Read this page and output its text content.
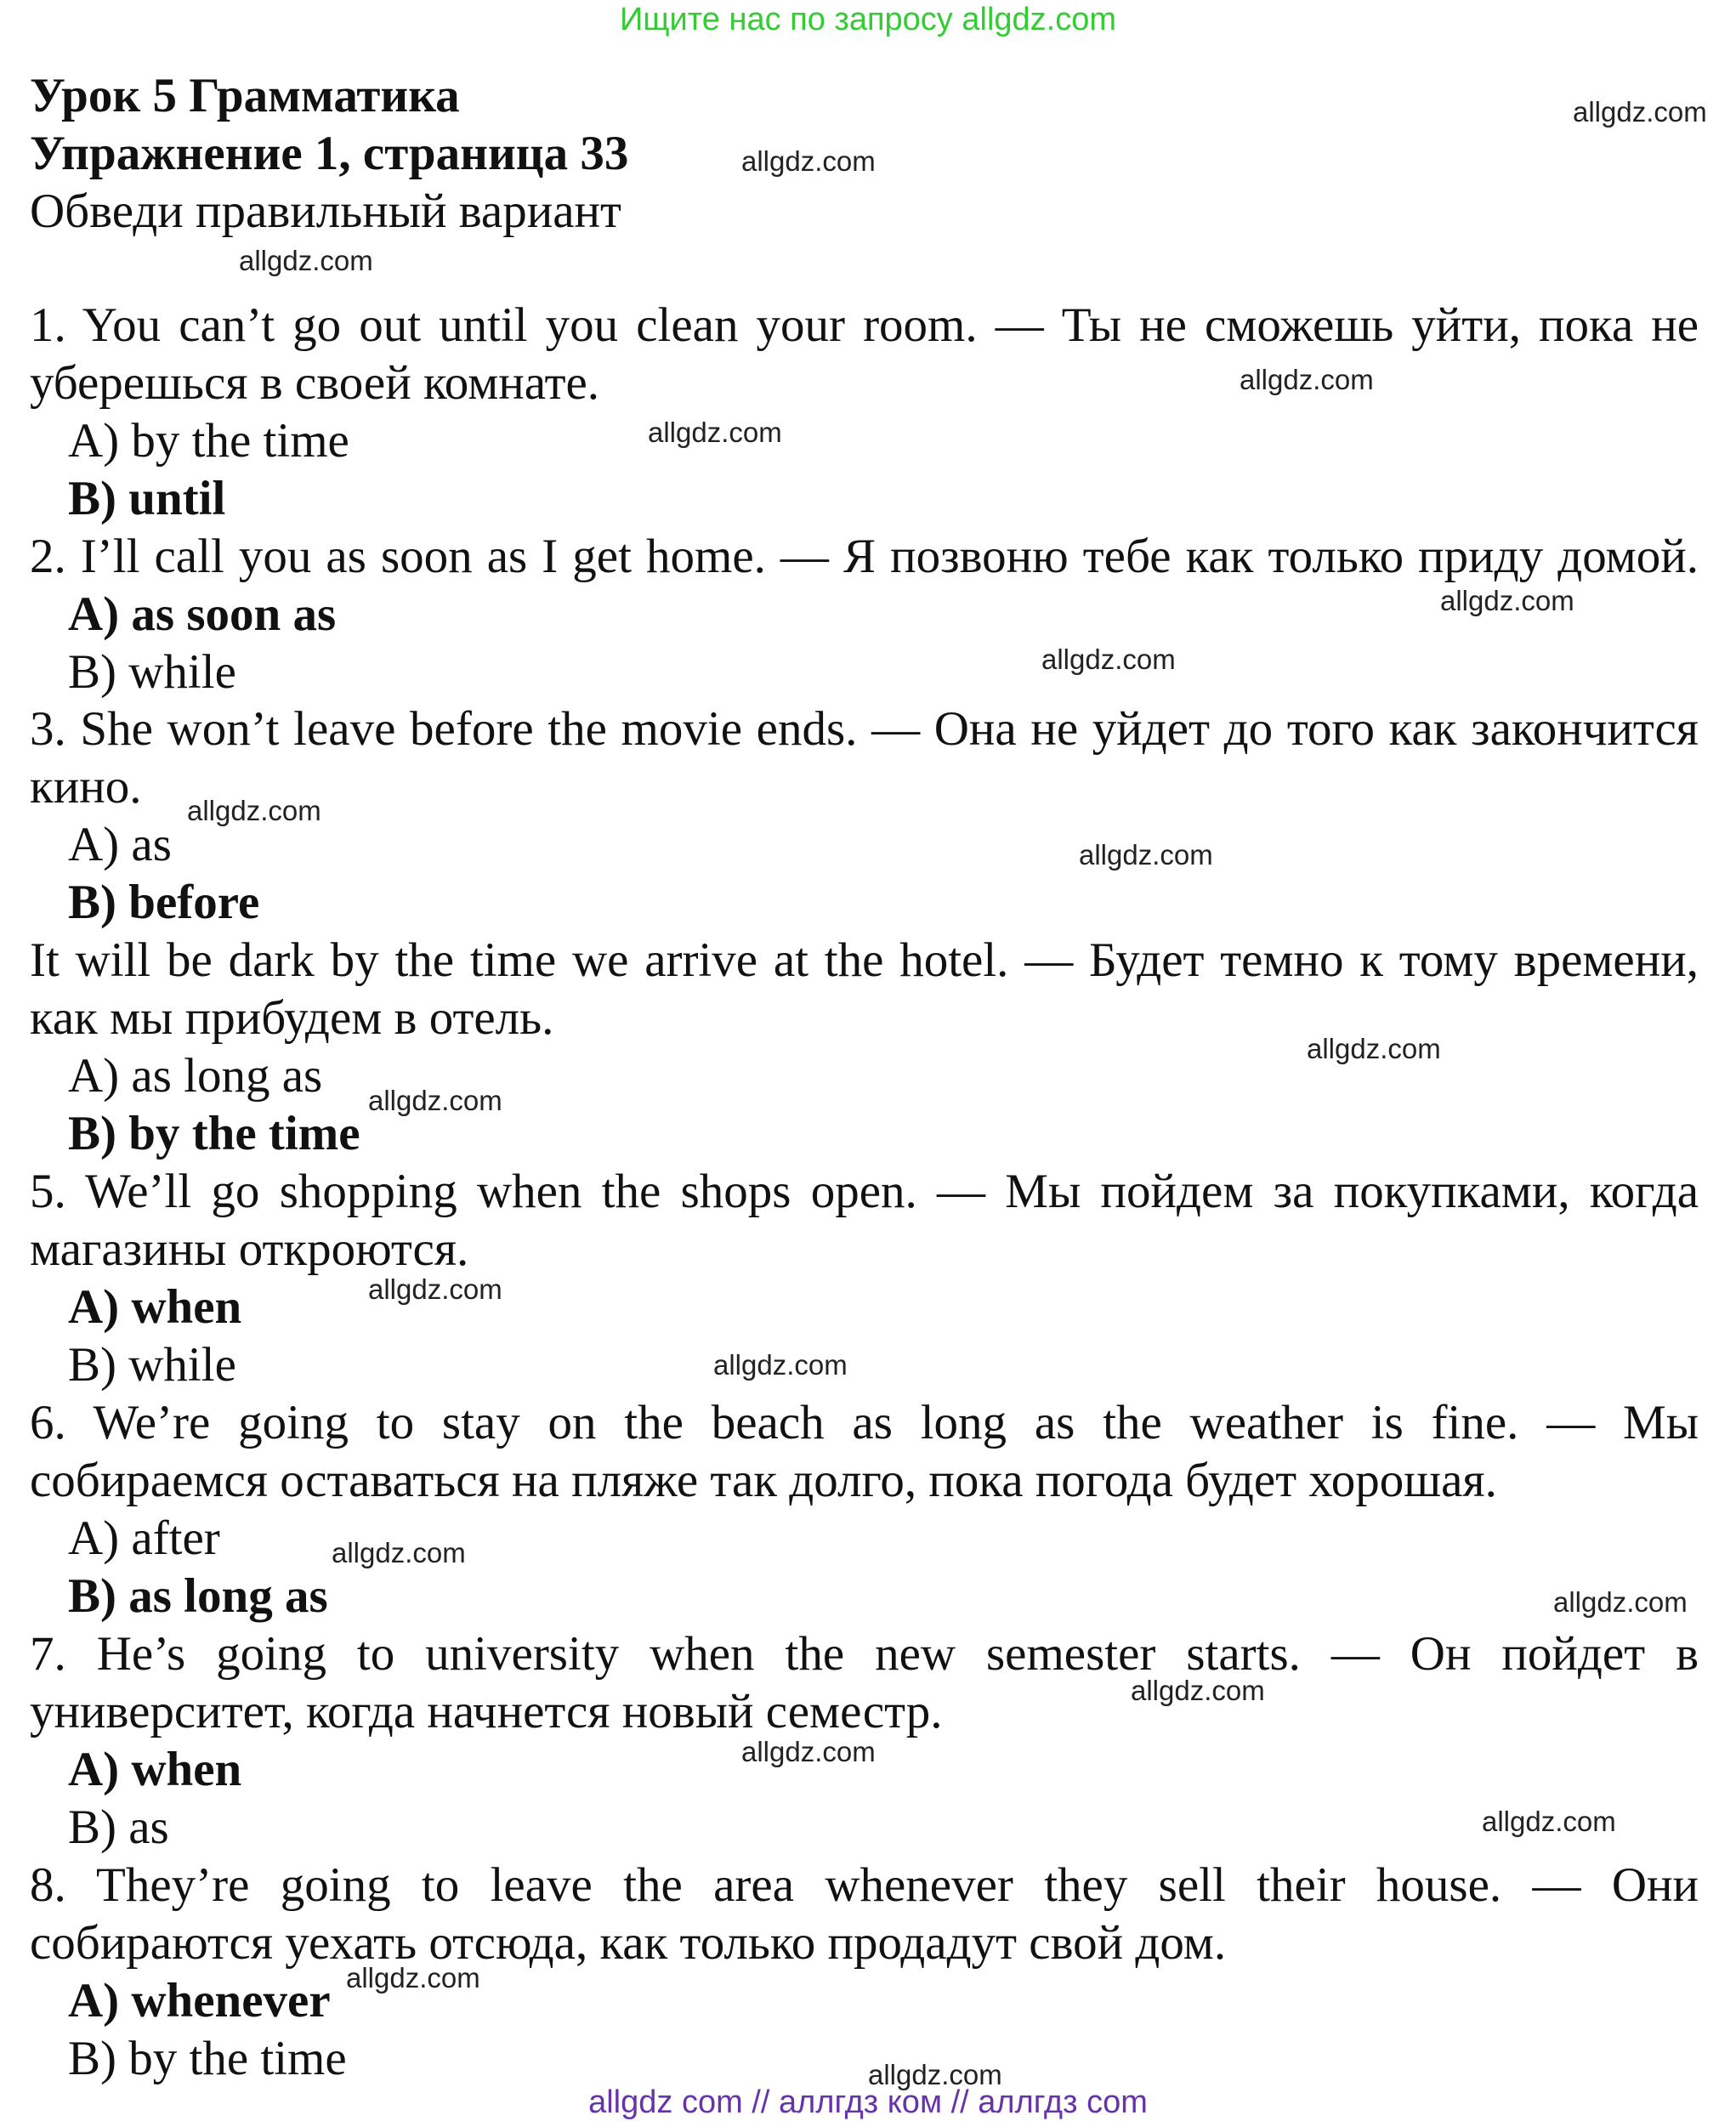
Ищите нас по запросу allgdz.com
Урок 5 Грамматика
Упражнение 1, страница 33
Обведи правильный вариант
1. You can’t go out until you clean your room. — Ты не сможешь уйти, пока не
уберешься в своей комнате.
A) by the time
B) until
2. I’ll call you as soon as I get home. — Я позвоню тебе как только приду домой.
A) as soon as
B) while
3. She won’t leave before the movie ends. — Она не уйдет до того как закончится
кино.
A) as
B) before
It will be dark by the time we arrive at the hotel. — Будет темно к тому времени,
как мы прибудем в отель.
A) as long as
B) by the time
5. We’ll go shopping when the shops open. — Мы пойдем за покупками, когда
магазины откроются.
A) when
B) while
6. We’re going to stay on the beach as long as the weather is fine. — Мы
собираемся оставаться на пляже так долго, пока погода будет хорошая.
A) after
B) as long as
7. He’s going to university when the new semester starts. — Он пойдет в
университет, когда начнется новый семестр.
A) when
B) as
8. They’re going to leave the area whenever they sell their house. — Они
собираются уехать отсюда, как только продадут свой дом.
A) whenever
B) by the time
allgdz.com
allgdz.com
allgdz.com
allgdz.com
allgdz.com
allgdz.com
allgdz.com
allgdz.com
allgdz.com
allgdz.com
allgdz.com
allgdz.com
allgdz.com
allgdz.com
allgdz.com
allgdz.com
allgdz.com
allgdz.com
allgdz.com
allgdz.com
allgdz com // аллгдз ком // аллгдз com
